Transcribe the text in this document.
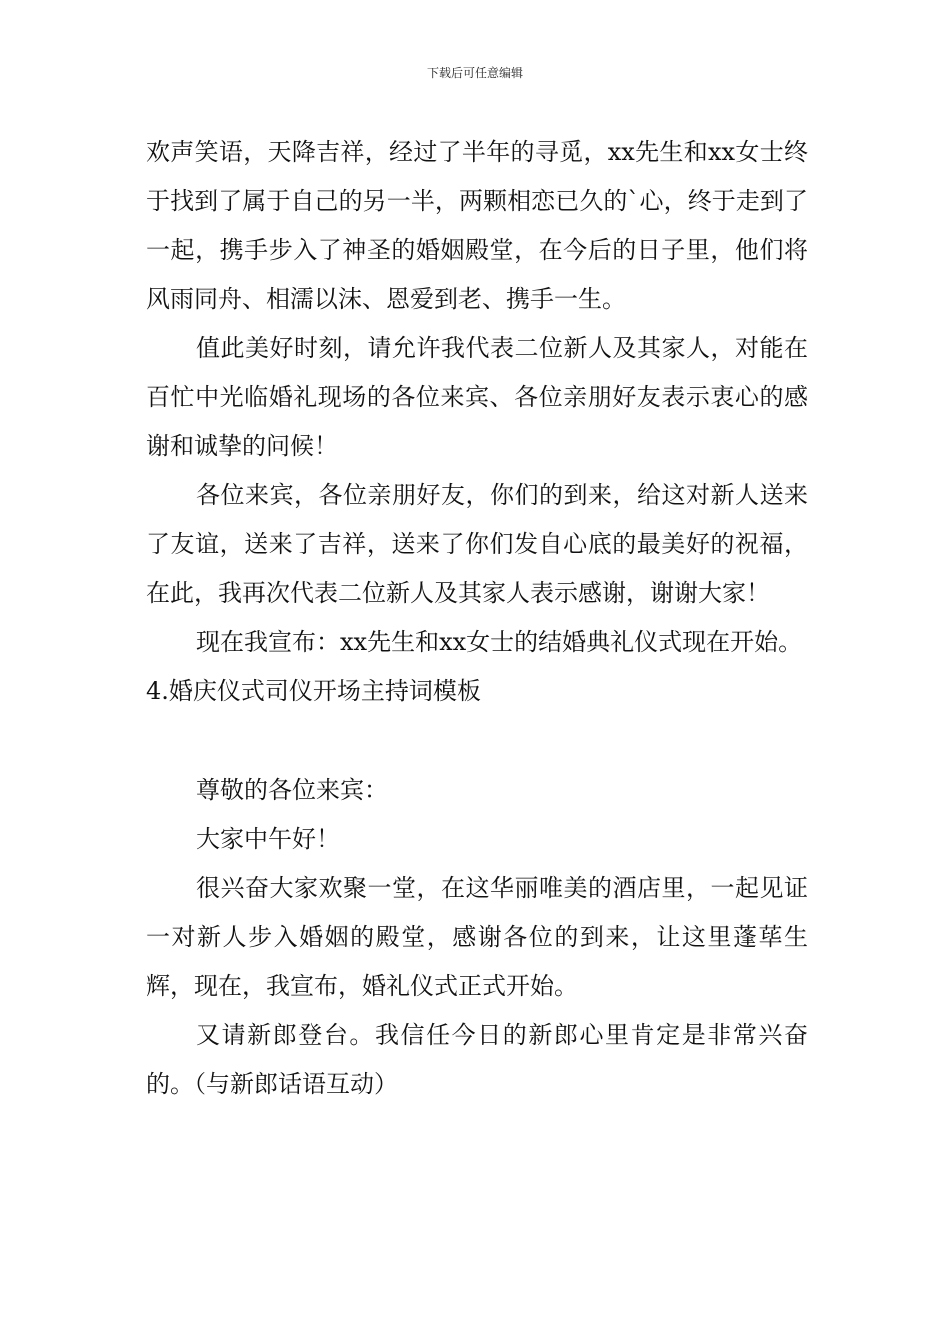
下载后可任意编辑

欢声笑语，天降吉祥，经过了半年的寻觅，xx先生和xx女士终于找到了属于自己的另一半，两颗相恋已久的`心，终于走到了一起，携手步入了神圣的婚姻殿堂，在今后的日子里，他们将风雨同舟、相濡以沫、恩爱到老、携手一生。

值此美好时刻，请允许我代表二位新人及其家人，对能在百忙中光临婚礼现场的各位来宾、各位亲朋好友表示衷心的感谢和诚挚的问候！

各位来宾，各位亲朋好友，你们的到来，给这对新人送来了友谊，送来了吉祥，送来了你们发自心底的最美好的祝福，在此，我再次代表二位新人及其家人表示感谢，谢谢大家！

现在我宣布：xx先生和xx女士的结婚典礼仪式现在开始。

4.婚庆仪式司仪开场主持词模板

尊敬的各位来宾：

大家中午好！

很兴奋大家欢聚一堂，在这华丽唯美的酒店里，一起见证一对新人步入婚姻的殿堂，感谢各位的到来，让这里蓬荜生辉，现在，我宣布，婚礼仪式正式开始。

又请新郎登台。我信任今日的新郎心里肯定是非常兴奋的。（与新郎话语互动）
